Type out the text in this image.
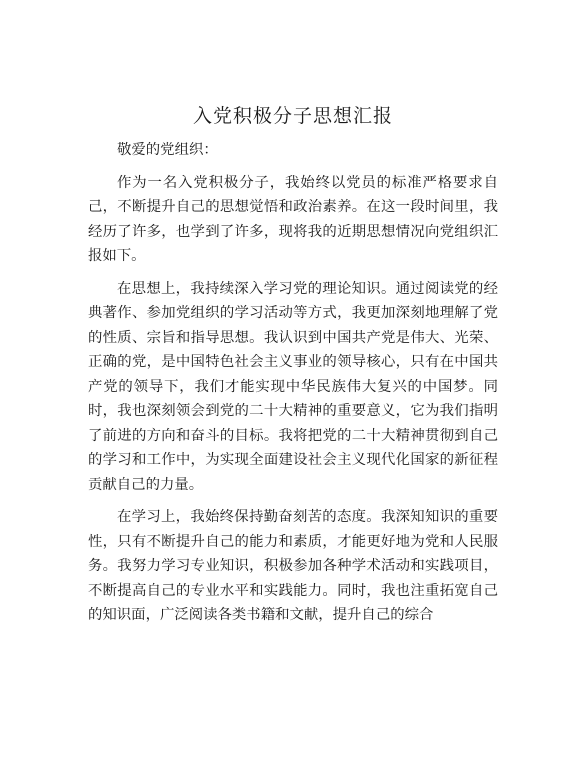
入党积极分子思想汇报

敬爱的党组织：

作为一名入党积极分子，我始终以党员的标准严格要求自己，不断提升自己的思想觉悟和政治素养。在这一段时间里，我经历了许多，也学到了许多，现将我的近期思想情况向党组织汇报如下。

在思想上，我持续深入学习党的理论知识。通过阅读党的经典著作、参加党组织的学习活动等方式，我更加深刻地理解了党的性质、宗旨和指导思想。我认识到中国共产党是伟大、光荣、正确的党，是中国特色社会主义事业的领导核心，只有在中国共产党的领导下，我们才能实现中华民族伟大复兴的中国梦。同时，我也深刻领会到党的二十大精神的重要意义，它为我们指明了前进的方向和奋斗的目标。我将把党的二十大精神贯彻到自己的学习和工作中，为实现全面建设社会主义现代化国家的新征程贡献自己的力量。

在学习上，我始终保持勤奋刻苦的态度。我深知知识的重要性，只有不断提升自己的能力和素质，才能更好地为党和人民服务。我努力学习专业知识，积极参加各种学术活动和实践项目，不断提高自己的专业水平和实践能力。同时，我也注重拓宽自己的知识面，广泛阅读各类书籍和文献，提升自己的综合
